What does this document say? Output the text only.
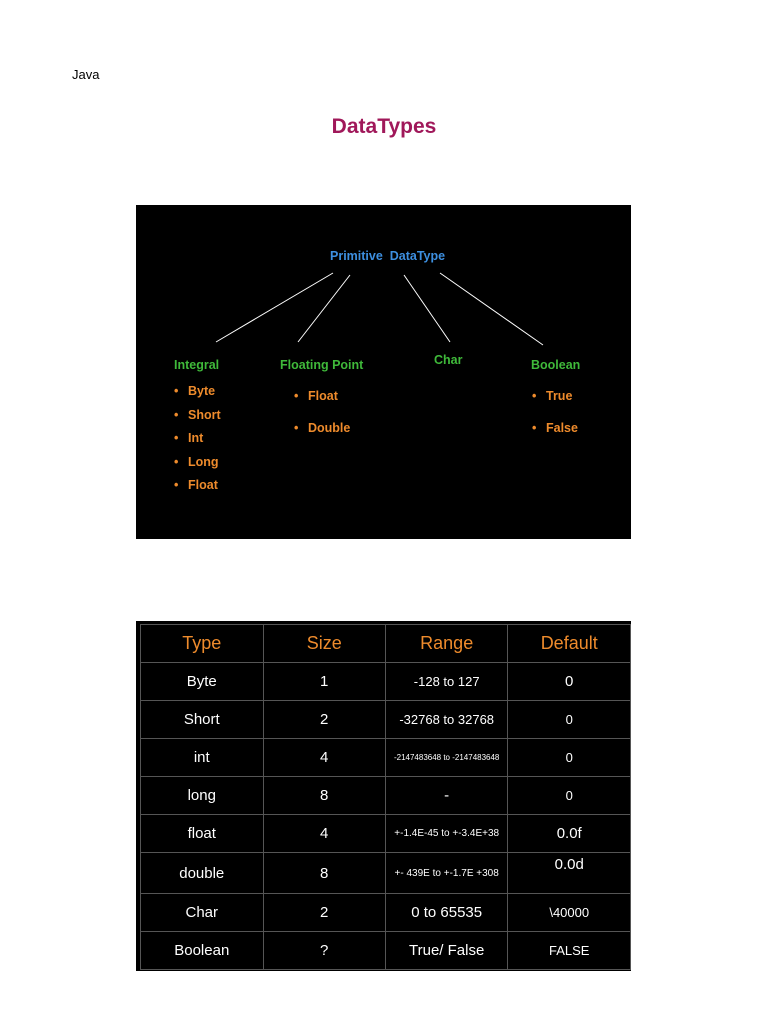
Java
DataTypes
Primitive  DataType
Integral
• Byte
• Short
• Int
• Long
• Float
Floating Point
• Float
• Double
Char	Boolean
• True
• False
Type	Size	Range	Default
Byte	1	-128 to 127	0
Short	2	-32768 to 32768	0
int	4	-2147483648 to -2147483648	0
long	8	-	0
float	4	+-1.4E-45 to +-3.4E+38	0.0f
double	8	+- 439E to +-1.7E +308	0.0d
Char	2	0 to 65535	\40000
Boolean	?	True/ False	FALSE
